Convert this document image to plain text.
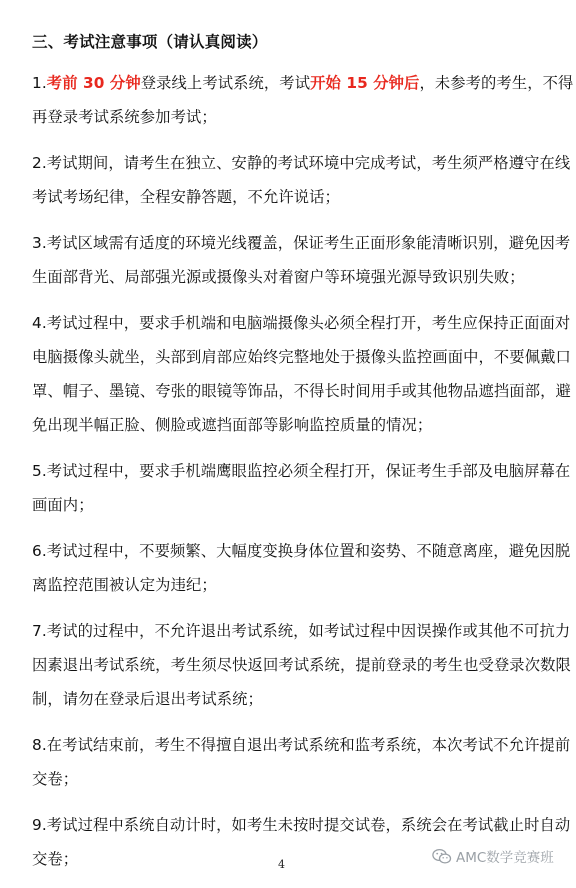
三、考试注意事项（请认真阅读）
1.考前 30 分钟登录线上考试系统，考试开始 15 分钟后，未参考的考生，不得
再登录考试系统参加考试；
2.考试期间，请考生在独立、安静的考试环境中完成考试，考生须严格遵守在线
考试考场纪律，全程安静答题，不允许说话；
3.考试区域需有适度的环境光线覆盖，保证考生正面形象能清晰识别，避免因考
生面部背光、局部强光源或摄像头对着窗户等环境强光源导致识别失败；
4.考试过程中，要求手机端和电脑端摄像头必须全程打开，考生应保持正面面对
电脑摄像头就坐，头部到肩部应始终完整地处于摄像头监控画面中，不要佩戴口
罩、帽子、墨镜、夸张的眼镜等饰品，不得长时间用手或其他物品遮挡面部，避
免出现半幅正脸、侧脸或遮挡面部等影响监控质量的情况；
5.考试过程中，要求手机端鹰眼监控必须全程打开，保证考生手部及电脑屏幕在
画面内；
6.考试过程中，不要频繁、大幅度变换身体位置和姿势、不随意离座，避免因脱
离监控范围被认定为违纪；
7.考试的过程中，不允许退出考试系统，如考试过程中因误操作或其他不可抗力
因素退出考试系统，考生须尽快返回考试系统，提前登录的考生也受登录次数限
制，请勿在登录后退出考试系统；
8.在考试结束前，考生不得擅自退出考试系统和监考系统，本次考试不允许提前
交卷；
9.考试过程中系统自动计时，如考生未按时提交试卷，系统会在考试截止时自动
交卷；	4	AMC数学竞赛班
